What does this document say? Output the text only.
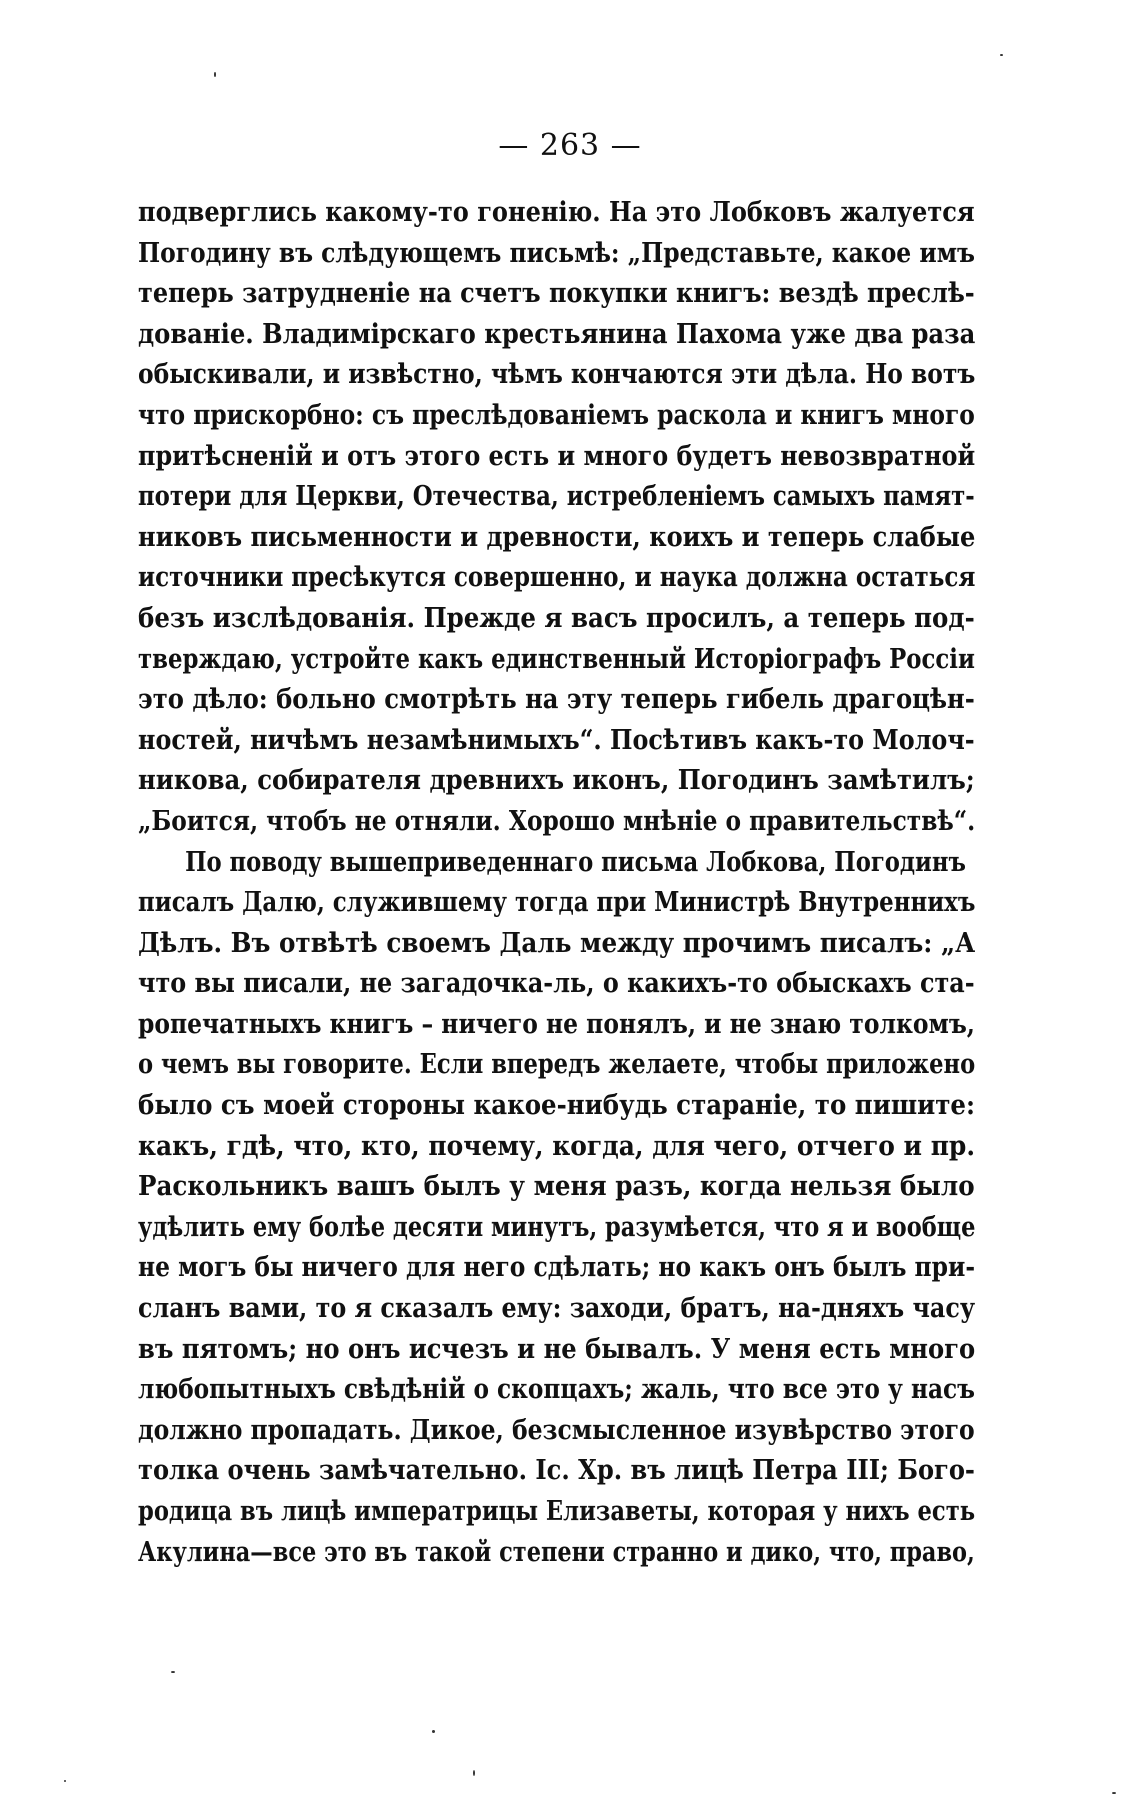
— 263 —
подверглись какому-то гоненію. На это Лобковъ жалуется
Погодину въ слѣдующемъ письмѣ: „Представьте, какое имъ
теперь затрудненіе на счетъ покупки книгъ: вездѣ преслѣ-
дованіе. Владимірскаго крестьянина Пахома уже два раза
обыскивали, и извѣстно, чѣмъ кончаются эти дѣла. Но вотъ
что прискорбно: съ преслѣдованіемъ раскола и книгъ много
притѣсненій и отъ этого есть и много будетъ невозвратной
потери для Церкви, Отечества, истребленіемъ самыхъ памят-
никовъ письменности и древности, коихъ и теперь слабые
источники пресѣкутся совершенно, и наука должна остаться
безъ изслѣдованія. Прежде я васъ просилъ, а теперь под-
тверждаю, устройте какъ единственный Исторіографъ Россіи
это дѣло: больно смотрѣть на эту теперь гибель драгоцѣн-
ностей, ничѣмъ незамѣнимыхъ“. Посѣтивъ какъ-то Молоч-
никова, собирателя древнихъ иконъ, Погодинъ замѣтилъ;
„Боится, чтобъ не отняли. Хорошо мнѣніе о правительствѣ“.
По поводу вышеприведеннаго письма Лобкова, Погодинъ
писалъ Далю, служившему тогда при Министрѣ Внутреннихъ
Дѣлъ. Въ отвѣтѣ своемъ Даль между прочимъ писалъ: „А
что вы писали, не загадочка-ль, о какихъ-то обыскахъ ста-
ропечатныхъ книгъ – ничего не понялъ, и не знаю толкомъ,
о чемъ вы говорите. Если впередъ желаете, чтобы приложено
было съ моей стороны какое-нибудь стараніе, то пишите:
какъ, гдѣ, что, кто, почему, когда, для чего, отчего и пр.
Раскольникъ вашъ былъ у меня разъ, когда нельзя было
удѣлить ему болѣе десяти минутъ, разумѣется, что я и вообще
не могъ бы ничего для него сдѣлать; но какъ онъ былъ при-
сланъ вами, то я сказалъ ему: заходи, братъ, на-дняхъ часу
въ пятомъ; но онъ исчезъ и не бывалъ. У меня есть много
любопытныхъ свѣдѣній о скопцахъ; жаль, что все это у насъ
должно пропадать. Дикое, безсмысленное изувѣрство этого
толка очень замѣчательно. Іс. Хр. въ лицѣ Петра III; Бого-
родица въ лицѣ императрицы Елизаветы, которая у нихъ есть
Акулина—все это въ такой степени странно и дико, что, право,
